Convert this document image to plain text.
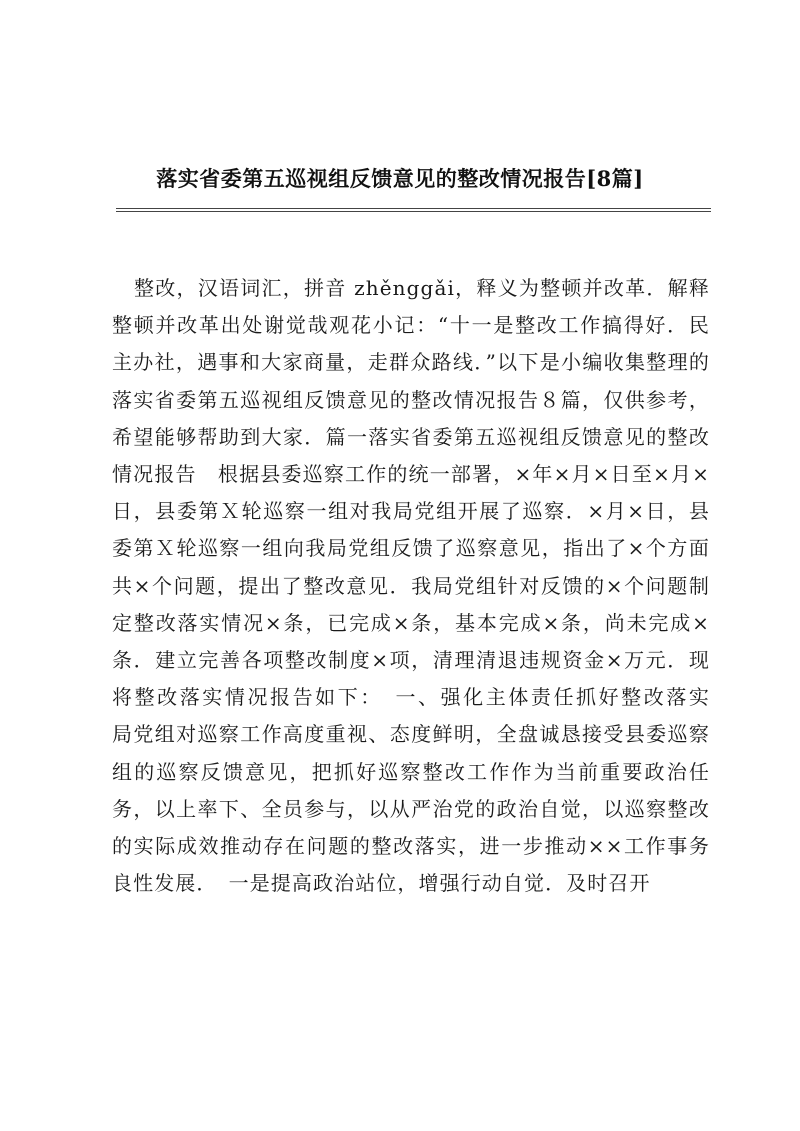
落实省委第五巡视组反馈意见的整改情况报告[8篇]

整改，汉语词汇，拼音 zhěnggǎi，释义为整顿并改革．解释整顿并改革出处谢觉哉观花小记：“十一是整改工作搞得好．民主办社，遇事和大家商量，走群众路线．”以下是小编收集整理的落实省委第五巡视组反馈意见的整改情况报告８篇，仅供参考，希望能够帮助到大家．篇一落实省委第五巡视组反馈意见的整改情况报告　根据县委巡察工作的统一部署，×年×月×日至×月×日，县委第Ｘ轮巡察一组对我局党组开展了巡察．×月×日，县委第Ｘ轮巡察一组向我局党组反馈了巡察意见，指出了×个方面共×个问题，提出了整改意见．我局党组针对反馈的×个问题制定整改落实情况×条，已完成×条，基本完成×条，尚未完成×条．建立完善各项整改制度×项，清理清退违规资金×万元．现将整改落实情况报告如下：　一、强化主体责任抓好整改落实　局党组对巡察工作高度重视、态度鲜明，全盘诚恳接受县委巡察组的巡察反馈意见，把抓好巡察整改工作作为当前重要政治任务，以上率下、全员参与，以从严治党的政治自觉，以巡察整改的实际成效推动存在问题的整改落实，进一步推动××工作事务良性发展．　一是提高政治站位，增强行动自觉．及时召开
